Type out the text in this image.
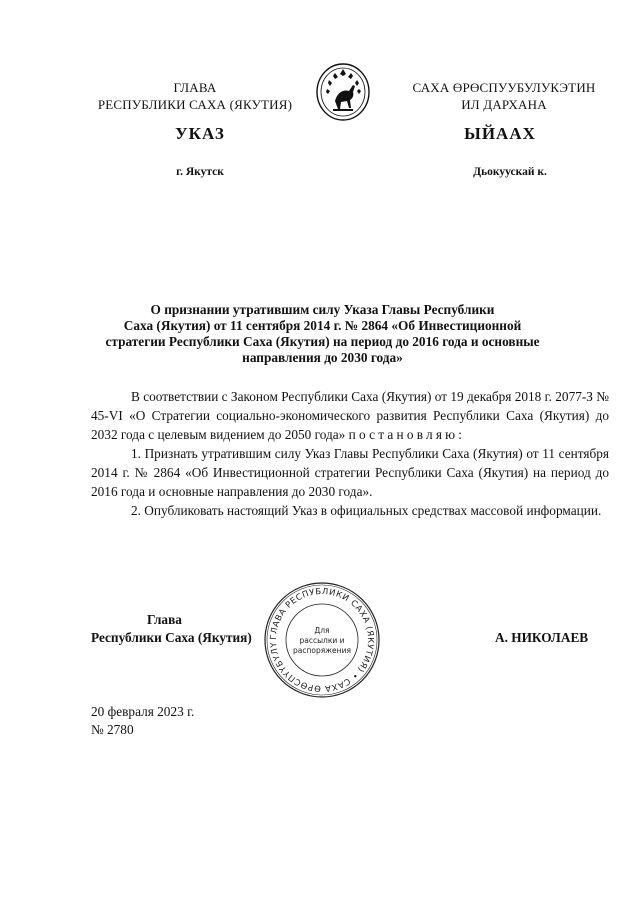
ГЛАВА
РЕСПУБЛИКИ САХА (ЯКУТИЯ)
САХА ӨРӨСПУУБУЛУКЭТИН
ИЛ ДАРХАНА
УКАЗ	ЫЙААХ
г. Якутск	Дьокуускай к.
О признании утратившим силу Указа Главы Республики
Саха (Якутия) от 11 сентября 2014 г. № 2864 «Об Инвестиционной
стратегии Республики Саха (Якутия) на период до 2016 года и основные
направления до 2030 года»

В соответствии с Законом Республики Саха (Якутия) от 19 декабря 2018 г. 2077-З № 45-VI «О Стратегии социально-экономического развития Республики Саха (Якутия) до 2032 года с целевым видением до 2050 года» постановляю:

1. Признать утратившим силу Указ Главы Республики Саха (Якутия) от 11 сентября 2014 г. № 2864 «Об Инвестиционной стратегии Республики Саха (Якутия) на период до 2016 года и основные направления до 2030 года».

2. Опубликовать настоящий Указ в официальных средствах массовой информации.

ГЛАВА РЕСПУБЛИКИ САХА (ЯКУТИЯ) • САХА ӨРӨСПҮҮБҮЛҮ
Для
рассылки и
распоряжения
Глава
Республики Саха (Якутия)	А. НИКОЛАЕВ
20 февраля 2023 г.
№ 2780
